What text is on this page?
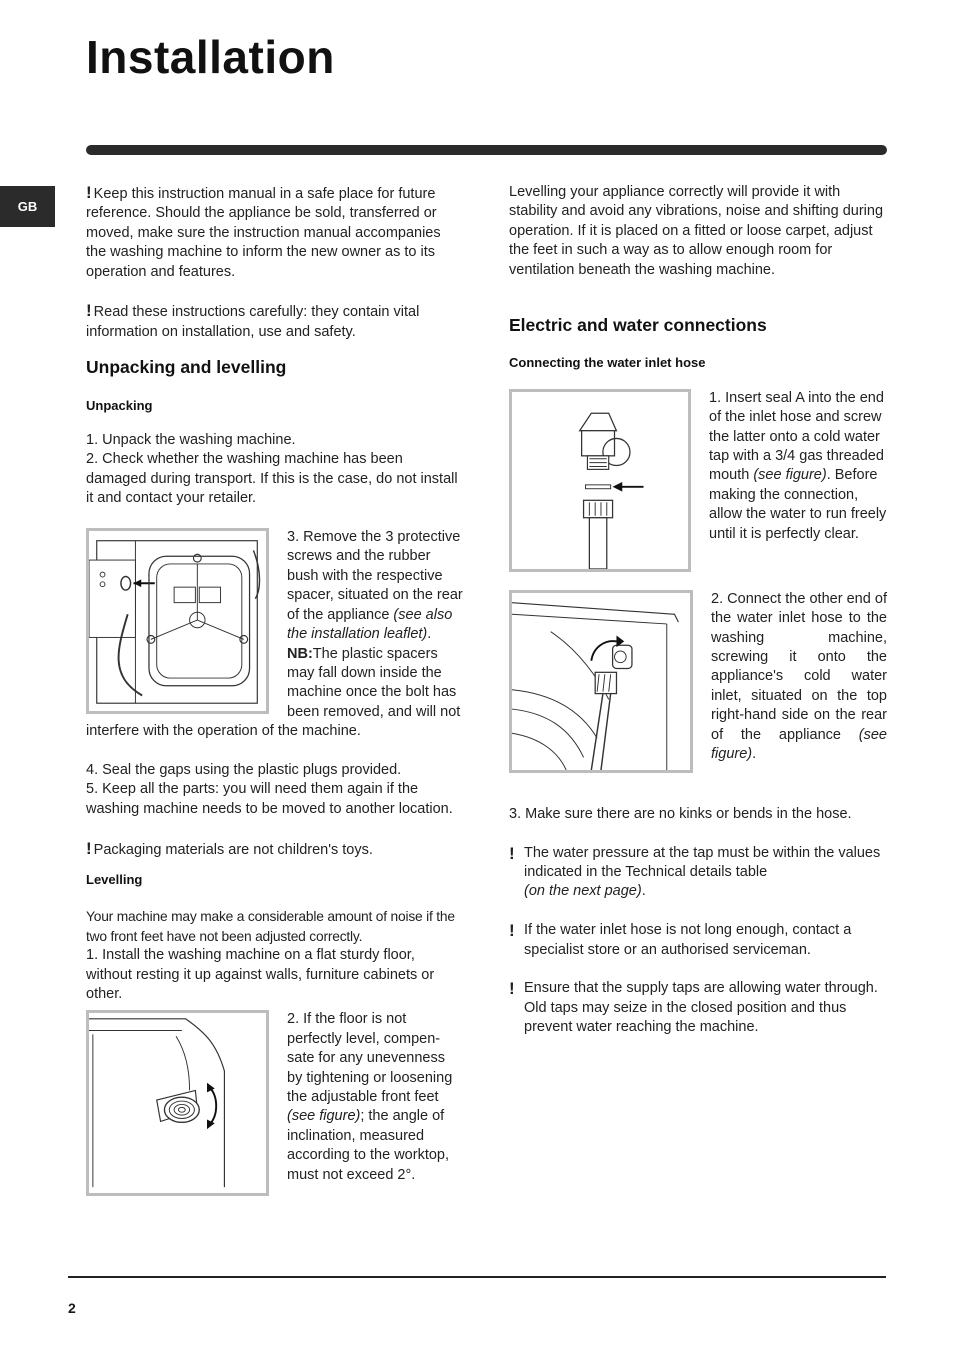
Installation
GB

! Keep this instruction manual in a safe place for future reference. Should the appliance be sold, transferred or moved, make sure the instruction manual accompanies the washing machine to inform the new owner as to its operation and features.

! Read these instructions carefully: they contain vital information on installation, use and safety.

Unpacking and levelling

Unpacking

1. Unpack the washing machine.

2. Check whether the washing machine has been damaged during transport. If this is the case, do not install it and contact your retailer.

3. Remove the 3 protective screws and the rubber bush with the respective spacer, situated on the rear of the appliance (see also the installation leaflet).
NB:The plastic spacers may fall down inside the machine once the bolt has been removed, and will not interfere with the operation of the machine.

4. Seal the gaps using the plastic plugs provided.

5. Keep all the parts: you will need them again if the washing machine needs to be moved to another location.

! Packaging materials are not children's toys.

Levelling

Your machine may make a considerable amount of noise if the two front feet have not been adjusted correctly.

1. Install the washing machine on a flat sturdy floor, without resting it up against walls, furniture cabinets or other.

2. If the floor is not perfectly level, compen-sate for any unevenness by tightening or loosening the adjustable front feet (see figure); the angle of inclination, measured according to the worktop, must not exceed 2°.

Levelling your appliance correctly will provide it with stability and avoid any vibrations, noise and shifting during operation. If it is placed on a fitted or loose carpet, adjust the feet in such a way as to allow enough room for ventilation beneath the washing machine.

Electric and water connections

Connecting the water inlet hose

1. Insert seal A into the end of the inlet hose and screw the latter onto a cold water tap with a 3/4 gas threaded mouth (see figure). Before making the connection, allow the water to run freely until it is perfectly clear.

2. Connect the other end of the water inlet hose to the washing machine, screwing it onto the appliance's cold water inlet, situated on the top right-hand side on the rear of the appliance (see figure).

3. Make sure there are no kinks or bends in the hose.

! The water pressure at the tap must be within the values indicated in the Technical details table
(on the next page).

! If the water inlet hose is not long enough, contact a specialist store or an authorised serviceman.

! Ensure that the supply taps are allowing water through. Old taps may seize in the closed position and thus prevent water reaching the machine.

2
